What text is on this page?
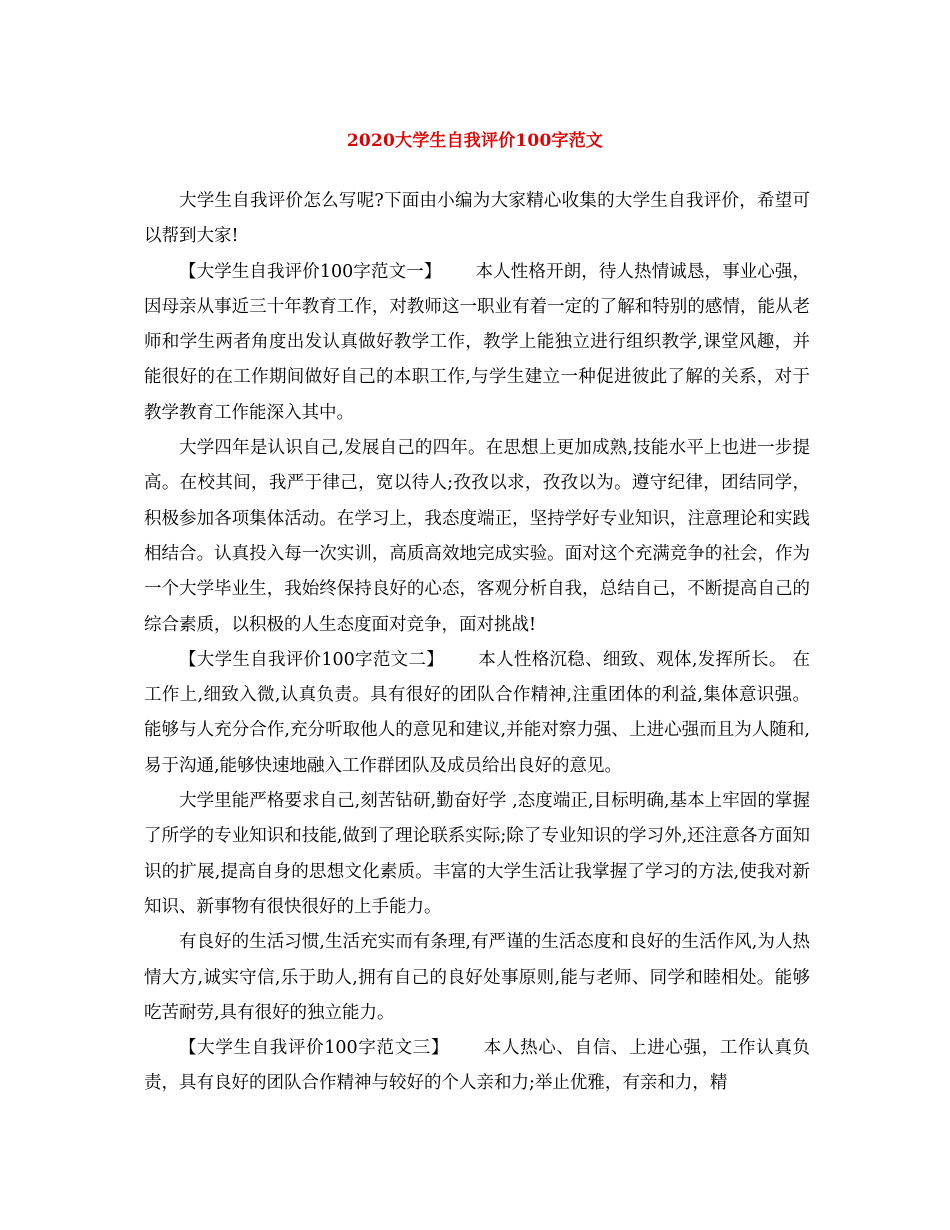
2020大学生自我评价100字范文

大学生自我评价怎么写呢?下面由小编为大家精心收集的大学生自我评价，希望可以帮到大家!

【大学生自我评价100字范文一】 本人性格开朗，待人热情诚恳，事业心强，因母亲从事近三十年教育工作，对教师这一职业有着一定的了解和特别的感情，能从老师和学生两者角度出发认真做好教学工作，教学上能独立进行组织教学,课堂风趣，并能很好的在工作期间做好自己的本职工作,与学生建立一种促进彼此了解的关系，对于教学教育工作能深入其中。

大学四年是认识自己,发展自己的四年。在思想上更加成熟,技能水平上也进一步提高。在校其间，我严于律己，宽以待人;孜孜以求，孜孜以为。遵守纪律，团结同学，积极参加各项集体活动。在学习上，我态度端正，坚持学好专业知识，注意理论和实践相结合。认真投入每一次实训，高质高效地完成实验。面对这个充满竞争的社会，作为一个大学毕业生，我始终保持良好的心态，客观分析自我，总结自己，不断提高自己的综合素质，以积极的人生态度面对竞争，面对挑战!

【大学生自我评价100字范文二】 本人性格沉稳、细致、观体,发挥所长。 在工作上,细致入微,认真负责。具有很好的团队合作精神,注重团体的利益,集体意识强。能够与人充分合作,充分听取他人的意见和建议,并能对察力强、上进心强而且为人随和,易于沟通,能够快速地融入工作群团队及成员给出良好的意见。

大学里能严格要求自己,刻苦钻研,勤奋好学 ,态度端正,目标明确,基本上牢固的掌握了所学的专业知识和技能,做到了理论联系实际;除了专业知识的学习外,还注意各方面知识的扩展,提高自身的思想文化素质。丰富的大学生活让我掌握了学习的方法,使我对新知识、新事物有很快很好的上手能力。

有良好的生活习惯,生活充实而有条理,有严谨的生活态度和良好的生活作风,为人热情大方,诚实守信,乐于助人,拥有自己的良好处事原则,能与老师、同学和睦相处。能够吃苦耐劳,具有很好的独立能力。

【大学生自我评价100字范文三】 本人热心、自信、上进心强，工作认真负责，具有良好的团队合作精神与较好的个人亲和力;举止优雅，有亲和力，精
